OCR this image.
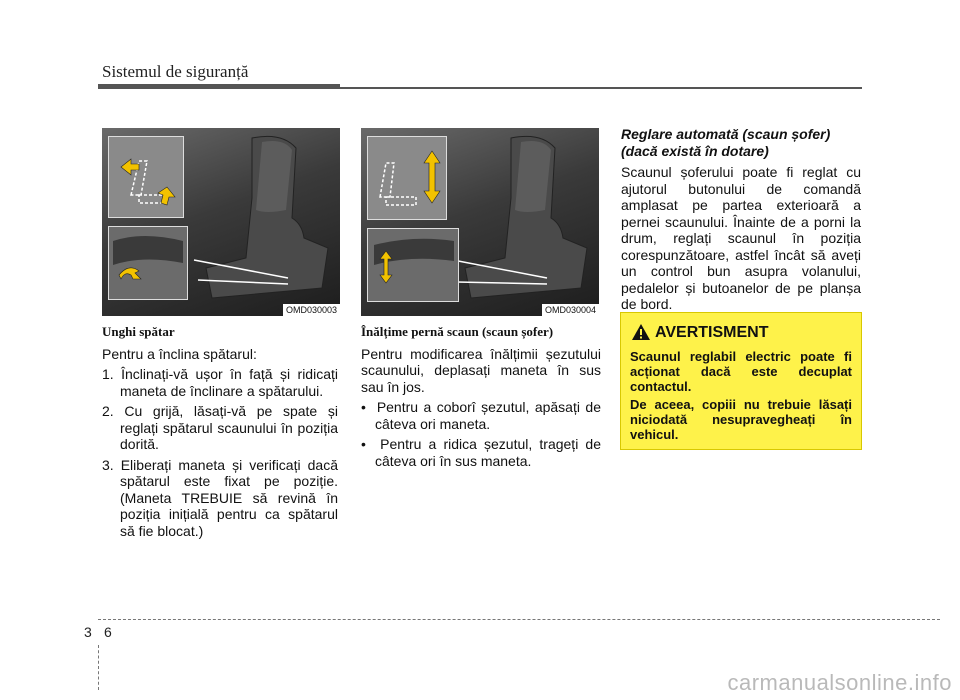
Sistemul de siguranță
OMD030003	OMD030004

Unghi spătar

Pentru a înclina spătarul:

1. Înclinați-vă ușor în față și ridicați maneta de înclinare a spătarului.

2. Cu grijă, lăsați-vă pe spate și reglați spătarul scaunului în poziția dorită.

3. Eliberați maneta și verificați dacă spătarul este fixat pe poziție. (Maneta TREBUIE să revină în poziția inițială pentru ca spătarul să fie blocat.)

Înălțime pernă scaun (scaun șofer)

Pentru modificarea înălțimii șezutului scaunului, deplasați maneta în sus sau în jos.

•  Pentru a coborî șezutul, apăsați de câteva ori maneta.

•  Pentru a ridica șezutul, trageți de câteva ori în sus maneta.

Reglare automată (scaun șofer)

(dacă există în dotare)

Scaunul șoferului poate fi reglat cu ajutorul butonului de comandă amplasat pe partea exterioară a pernei scaunului. Înainte de a porni la drum, reglați scaunul în poziția corespunzătoare, astfel încât să aveți un control bun asupra volanului, pedalelor și butoanelor de pe planșa de bord.

AVERTISMENT
Scaunul reglabil electric poate fi acționat dacă este decuplat contactul.
De aceea, copiii nu trebuie lăsați niciodată nesupravegheați în vehicul.
3 6
carmanualsonline.info
